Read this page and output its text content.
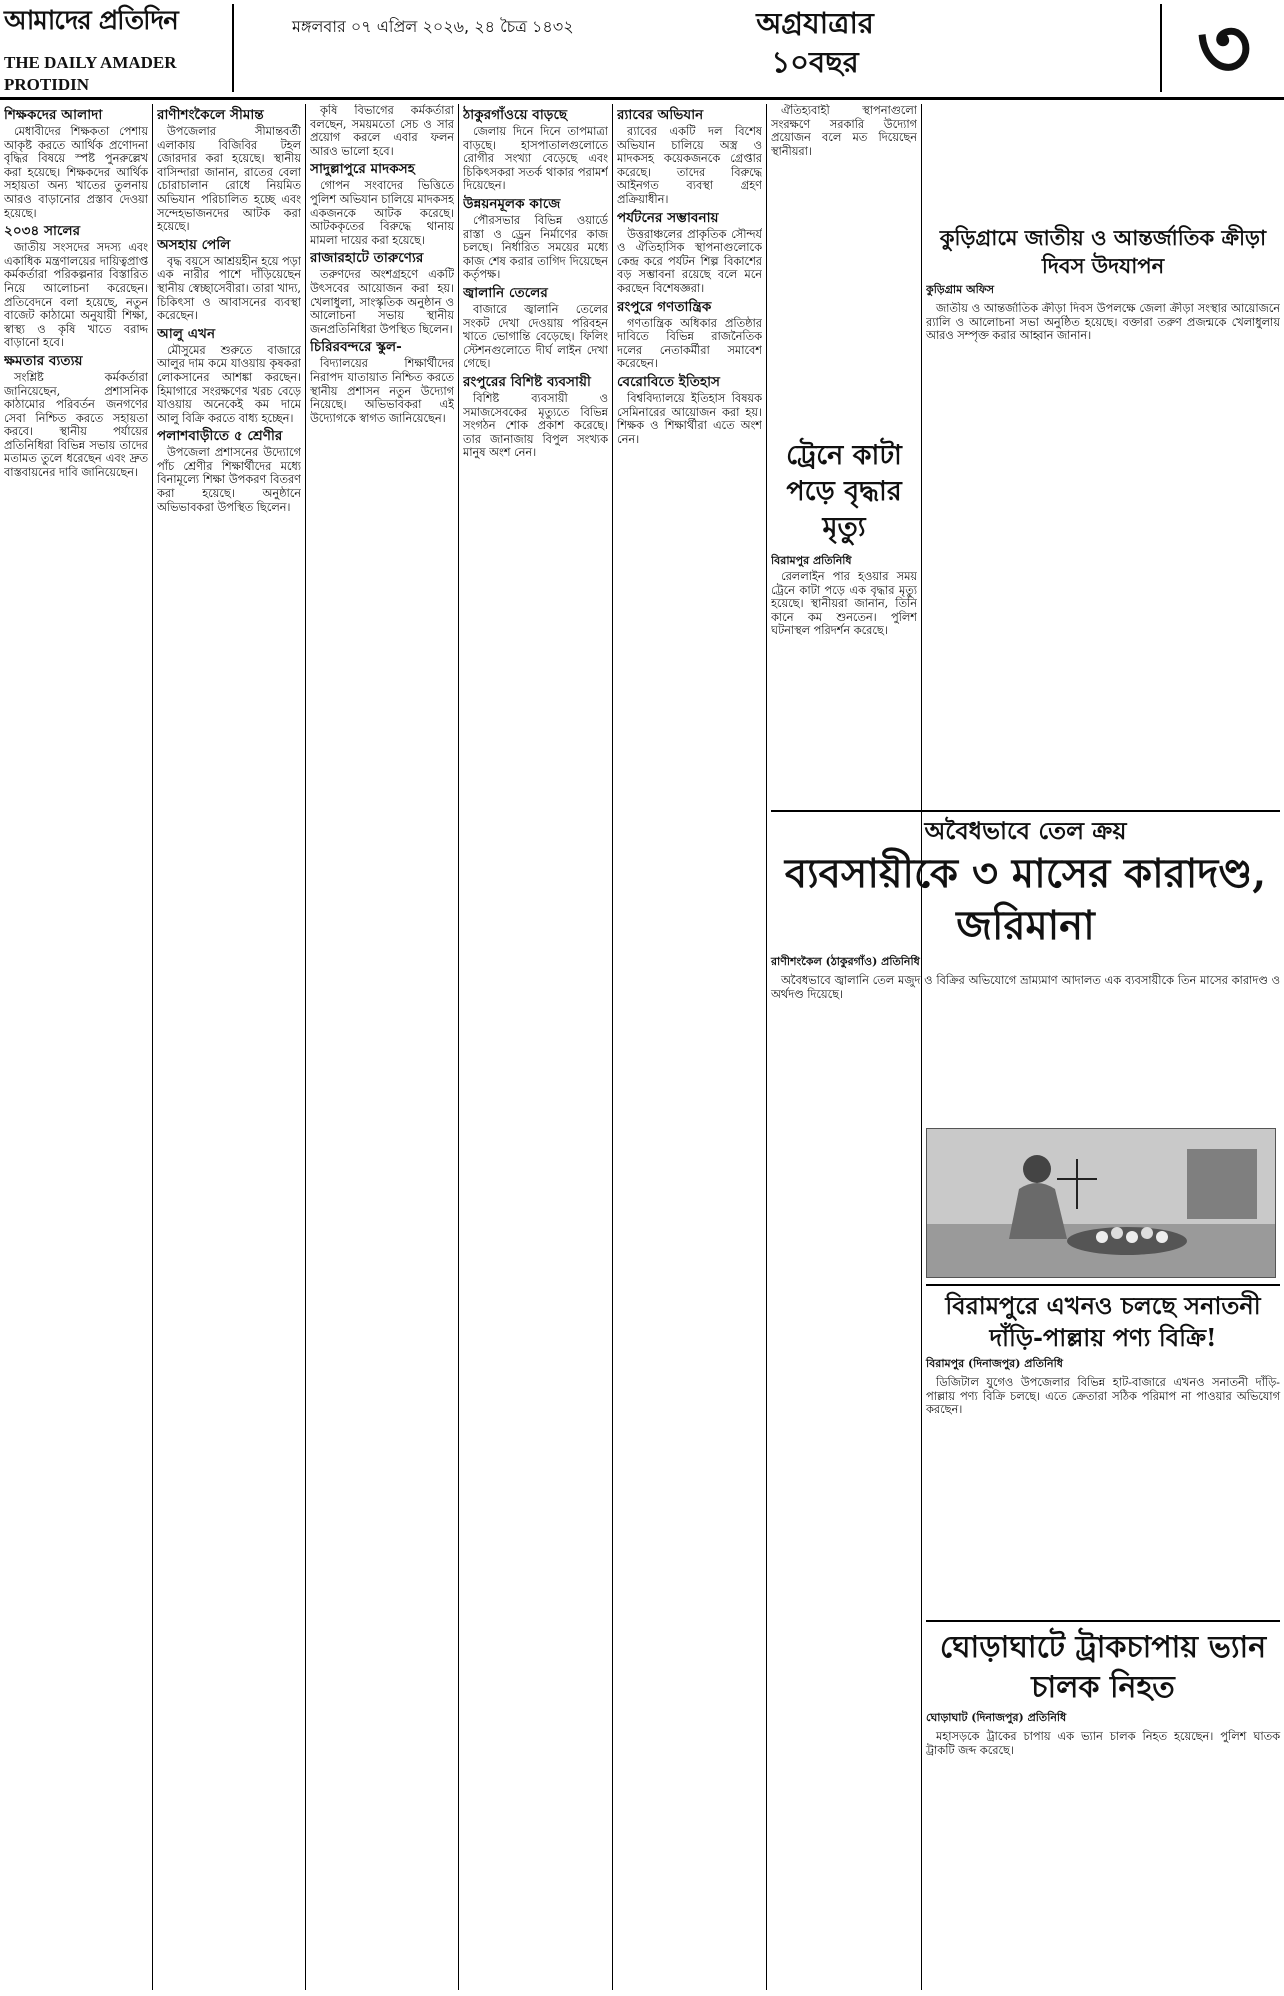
আমাদের প্রতিদিন
THE DAILY AMADER PROTIDIN
মঙ্গলবার ০৭ এপ্রিল ২০২৬, ২৪ চৈত্র ১৪৩২	অগ্রযাত্রার
১০বছর	৩
শিক্ষকদের আলাদা

মেধাবীদের শিক্ষকতা পেশায় আকৃষ্ট করতে আর্থিক প্রণোদনা বৃদ্ধির বিষয়ে স্পষ্ট পুনরুল্লেখ করা হয়েছে। শিক্ষকদের আর্থিক সহায়তা অন্য খাতের তুলনায় আরও বাড়ানোর প্রস্তাব দেওয়া হয়েছে।

২০৩৪ সালের

জাতীয় সংসদের সদস্য এবং একাধিক মন্ত্রণালয়ের দায়িত্বপ্রাপ্ত কর্মকর্তারা পরিকল্পনার বিস্তারিত নিয়ে আলোচনা করেছেন। প্রতিবেদনে বলা হয়েছে, নতুন বাজেট কাঠামো অনুযায়ী শিক্ষা, স্বাস্থ্য ও কৃষি খাতে বরাদ্দ বাড়ানো হবে।

ক্ষমতার ব্যত্যয়

সংশ্লিষ্ট কর্মকর্তারা জানিয়েছেন, প্রশাসনিক কাঠামোর পরিবর্তন জনগণের সেবা নিশ্চিত করতে সহায়তা করবে। স্থানীয় পর্যায়ের প্রতিনিধিরা বিভিন্ন সভায় তাদের মতামত তুলে ধরেছেন এবং দ্রুত বাস্তবায়নের দাবি জানিয়েছেন।

রাণীশংকৈলে সীমান্ত

উপজেলার সীমান্তবর্তী এলাকায় বিজিবির টহল জোরদার করা হয়েছে। স্থানীয় বাসিন্দারা জানান, রাতের বেলা চোরাচালান রোধে নিয়মিত অভিযান পরিচালিত হচ্ছে এবং সন্দেহভাজনদের আটক করা হয়েছে।

অসহায় পেলি

বৃদ্ধ বয়সে আশ্রয়হীন হয়ে পড়া এক নারীর পাশে দাঁড়িয়েছেন স্থানীয় স্বেচ্ছাসেবীরা। তারা খাদ্য, চিকিৎসা ও আবাসনের ব্যবস্থা করেছেন।

আলু এখন

মৌসুমের শুরুতে বাজারে আলুর দাম কমে যাওয়ায় কৃষকরা লোকসানের আশঙ্কা করছেন। হিমাগারে সংরক্ষণের খরচ বেড়ে যাওয়ায় অনেকেই কম দামে আলু বিক্রি করতে বাধ্য হচ্ছেন।

পলাশবাড়ীতে ৫ শ্রেণীর

উপজেলা প্রশাসনের উদ্যোগে পাঁচ শ্রেণীর শিক্ষার্থীদের মধ্যে বিনামূল্যে শিক্ষা উপকরণ বিতরণ করা হয়েছে। অনুষ্ঠানে অভিভাবকরা উপস্থিত ছিলেন।

কৃষি বিভাগের কর্মকর্তারা বলছেন, সময়মতো সেচ ও সার প্রয়োগ করলে এবার ফলন আরও ভালো হবে।

সাদুল্লাপুরে মাদকসহ

গোপন সংবাদের ভিত্তিতে পুলিশ অভিযান চালিয়ে মাদকসহ একজনকে আটক করেছে। আটককৃতের বিরুদ্ধে থানায় মামলা দায়ের করা হয়েছে।

রাজারহাটে তারুণ্যের

তরুণদের অংশগ্রহণে একটি উৎসবের আয়োজন করা হয়। খেলাধুলা, সাংস্কৃতিক অনুষ্ঠান ও আলোচনা সভায় স্থানীয় জনপ্রতিনিধিরা উপস্থিত ছিলেন।

চিরিরবন্দরে স্কুল-

বিদ্যালয়ের শিক্ষার্থীদের নিরাপদ যাতায়াত নিশ্চিত করতে স্থানীয় প্রশাসন নতুন উদ্যোগ নিয়েছে। অভিভাবকরা এই উদ্যোগকে স্বাগত জানিয়েছেন।

ঠাকুরগাঁওয়ে বাড়ছে

জেলায় দিনে দিনে তাপমাত্রা বাড়ছে। হাসপাতালগুলোতে রোগীর সংখ্যা বেড়েছে এবং চিকিৎসকরা সতর্ক থাকার পরামর্শ দিয়েছেন।

উন্নয়নমূলক কাজে

পৌরসভার বিভিন্ন ওয়ার্ডে রাস্তা ও ড্রেন নির্মাণের কাজ চলছে। নির্ধারিত সময়ের মধ্যে কাজ শেষ করার তাগিদ দিয়েছেন কর্তৃপক্ষ।

জ্বালানি তেলের

বাজারে জ্বালানি তেলের সংকট দেখা দেওয়ায় পরিবহন খাতে ভোগান্তি বেড়েছে। ফিলিং স্টেশনগুলোতে দীর্ঘ লাইন দেখা গেছে।

রংপুরের বিশিষ্ট ব্যবসায়ী

বিশিষ্ট ব্যবসায়ী ও সমাজসেবকের মৃত্যুতে বিভিন্ন সংগঠন শোক প্রকাশ করেছে। তার জানাজায় বিপুল সংখ্যক মানুষ অংশ নেন।

র‍্যাবের অভিযান

র‍্যাবের একটি দল বিশেষ অভিযান চালিয়ে অস্ত্র ও মাদকসহ কয়েকজনকে গ্রেপ্তার করেছে। তাদের বিরুদ্ধে আইনগত ব্যবস্থা গ্রহণ প্রক্রিয়াধীন।

পর্যটনের সম্ভাবনায়

উত্তরাঞ্চলের প্রাকৃতিক সৌন্দর্য ও ঐতিহাসিক স্থাপনাগুলোকে কেন্দ্র করে পর্যটন শিল্প বিকাশের বড় সম্ভাবনা রয়েছে বলে মনে করছেন বিশেষজ্ঞরা।

রংপুরে গণতান্ত্রিক

গণতান্ত্রিক অধিকার প্রতিষ্ঠার দাবিতে বিভিন্ন রাজনৈতিক দলের নেতাকর্মীরা সমাবেশ করেছেন।

বেরোবিতে ইতিহাস

বিশ্ববিদ্যালয়ে ইতিহাস বিষয়ক সেমিনারের আয়োজন করা হয়। শিক্ষক ও শিক্ষার্থীরা এতে অংশ নেন।

ঐতিহ্যবাহী স্থাপনাগুলো সংরক্ষণে সরকারি উদ্যোগ প্রয়োজন বলে মত দিয়েছেন স্থানীয়রা।

ট্রেনে কাটা পড়ে বৃদ্ধার মৃত্যু
বিরামপুর প্রতিনিধি

রেললাইন পার হওয়ার সময় ট্রেনে কাটা পড়ে এক বৃদ্ধার মৃত্যু হয়েছে। স্থানীয়রা জানান, তিনি কানে কম শুনতেন। পুলিশ ঘটনাস্থল পরিদর্শন করেছে।

কুড়িগ্রামে জাতীয় ও আন্তর্জাতিক ক্রীড়া দিবস উদযাপন
কুড়িগ্রাম অফিস

জাতীয় ও আন্তর্জাতিক ক্রীড়া দিবস উপলক্ষে জেলা ক্রীড়া সংস্থার আয়োজনে র‍্যালি ও আলোচনা সভা অনুষ্ঠিত হয়েছে। বক্তারা তরুণ প্রজন্মকে খেলাধুলায় আরও সম্পৃক্ত করার আহ্বান জানান।

অবৈধভাবে তেল ক্রয়
ব্যবসায়ীকে ৩ মাসের কারাদণ্ড, জরিমানা
রাণীশংকৈল (ঠাকুরগাঁও) প্রতিনিধি

অবৈধভাবে জ্বালানি তেল মজুদ ও বিক্রির অভিযোগে ভ্রাম্যমাণ আদালত এক ব্যবসায়ীকে তিন মাসের কারাদণ্ড ও অর্থদণ্ড দিয়েছে।

বিরামপুরে এখনও চলছে সনাতনী দাঁড়ি-পাল্লায় পণ্য বিক্রি!
বিরামপুর (দিনাজপুর) প্রতিনিধি

ডিজিটাল যুগেও উপজেলার বিভিন্ন হাট-বাজারে এখনও সনাতনী দাঁড়ি-পাল্লায় পণ্য বিক্রি চলছে। এতে ক্রেতারা সঠিক পরিমাপ না পাওয়ার অভিযোগ করছেন।

ঘোড়াঘাটে ট্রাকচাপায় ভ্যান চালক নিহত
ঘোড়াঘাট (দিনাজপুর) প্রতিনিধি

মহাসড়কে ট্রাকের চাপায় এক ভ্যান চালক নিহত হয়েছেন। পুলিশ ঘাতক ট্রাকটি জব্দ করেছে।
